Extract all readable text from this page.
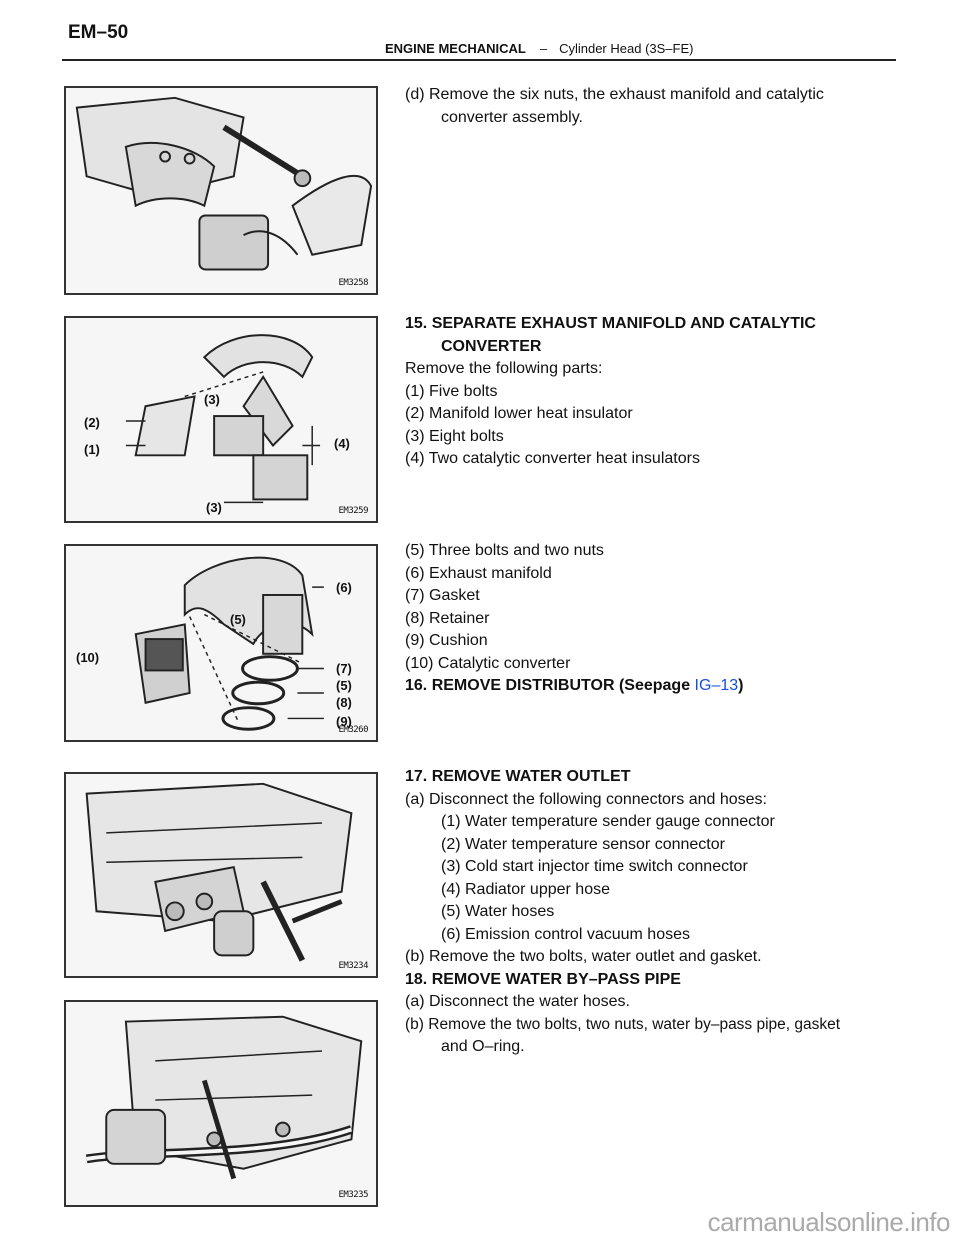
EM–50
ENGINE MECHANICAL – Cylinder Head (3S–FE)
EM3258

(d) Remove the six nuts, the exhaust manifold and catalytic

converter assembly.

(2)
(1)
(3)
(3)
(4)
EM3259

15. SEPARATE EXHAUST MANIFOLD AND CATALYTIC

CONVERTER

Remove the following parts:

(1) Five bolts

(2) Manifold lower heat insulator

(3) Eight bolts

(4) Two catalytic converter heat insulators

(10)
(5)
(6)
(7)
(5)
(8)
(9)
EM3260

(5) Three bolts and two nuts

(6) Exhaust manifold

(7) Gasket

(8) Retainer

(9) Cushion

(10) Catalytic converter

16. REMOVE DISTRIBUTOR (Seepage IG–13)

EM3234

17. REMOVE WATER OUTLET

(a) Disconnect the following connectors and hoses:

(1) Water temperature sender gauge connector

(2) Water temperature sensor connector

(3) Cold start injector time switch connector

(4) Radiator upper hose

(5) Water hoses

(6) Emission control vacuum hoses

(b) Remove the two bolts, water outlet and gasket.

18. REMOVE WATER BY–PASS PIPE

(a) Disconnect the water hoses.

(b) Remove the two bolts, two nuts, water by–pass pipe, gasket

and O–ring.

EM3235
carmanualsonline.info
